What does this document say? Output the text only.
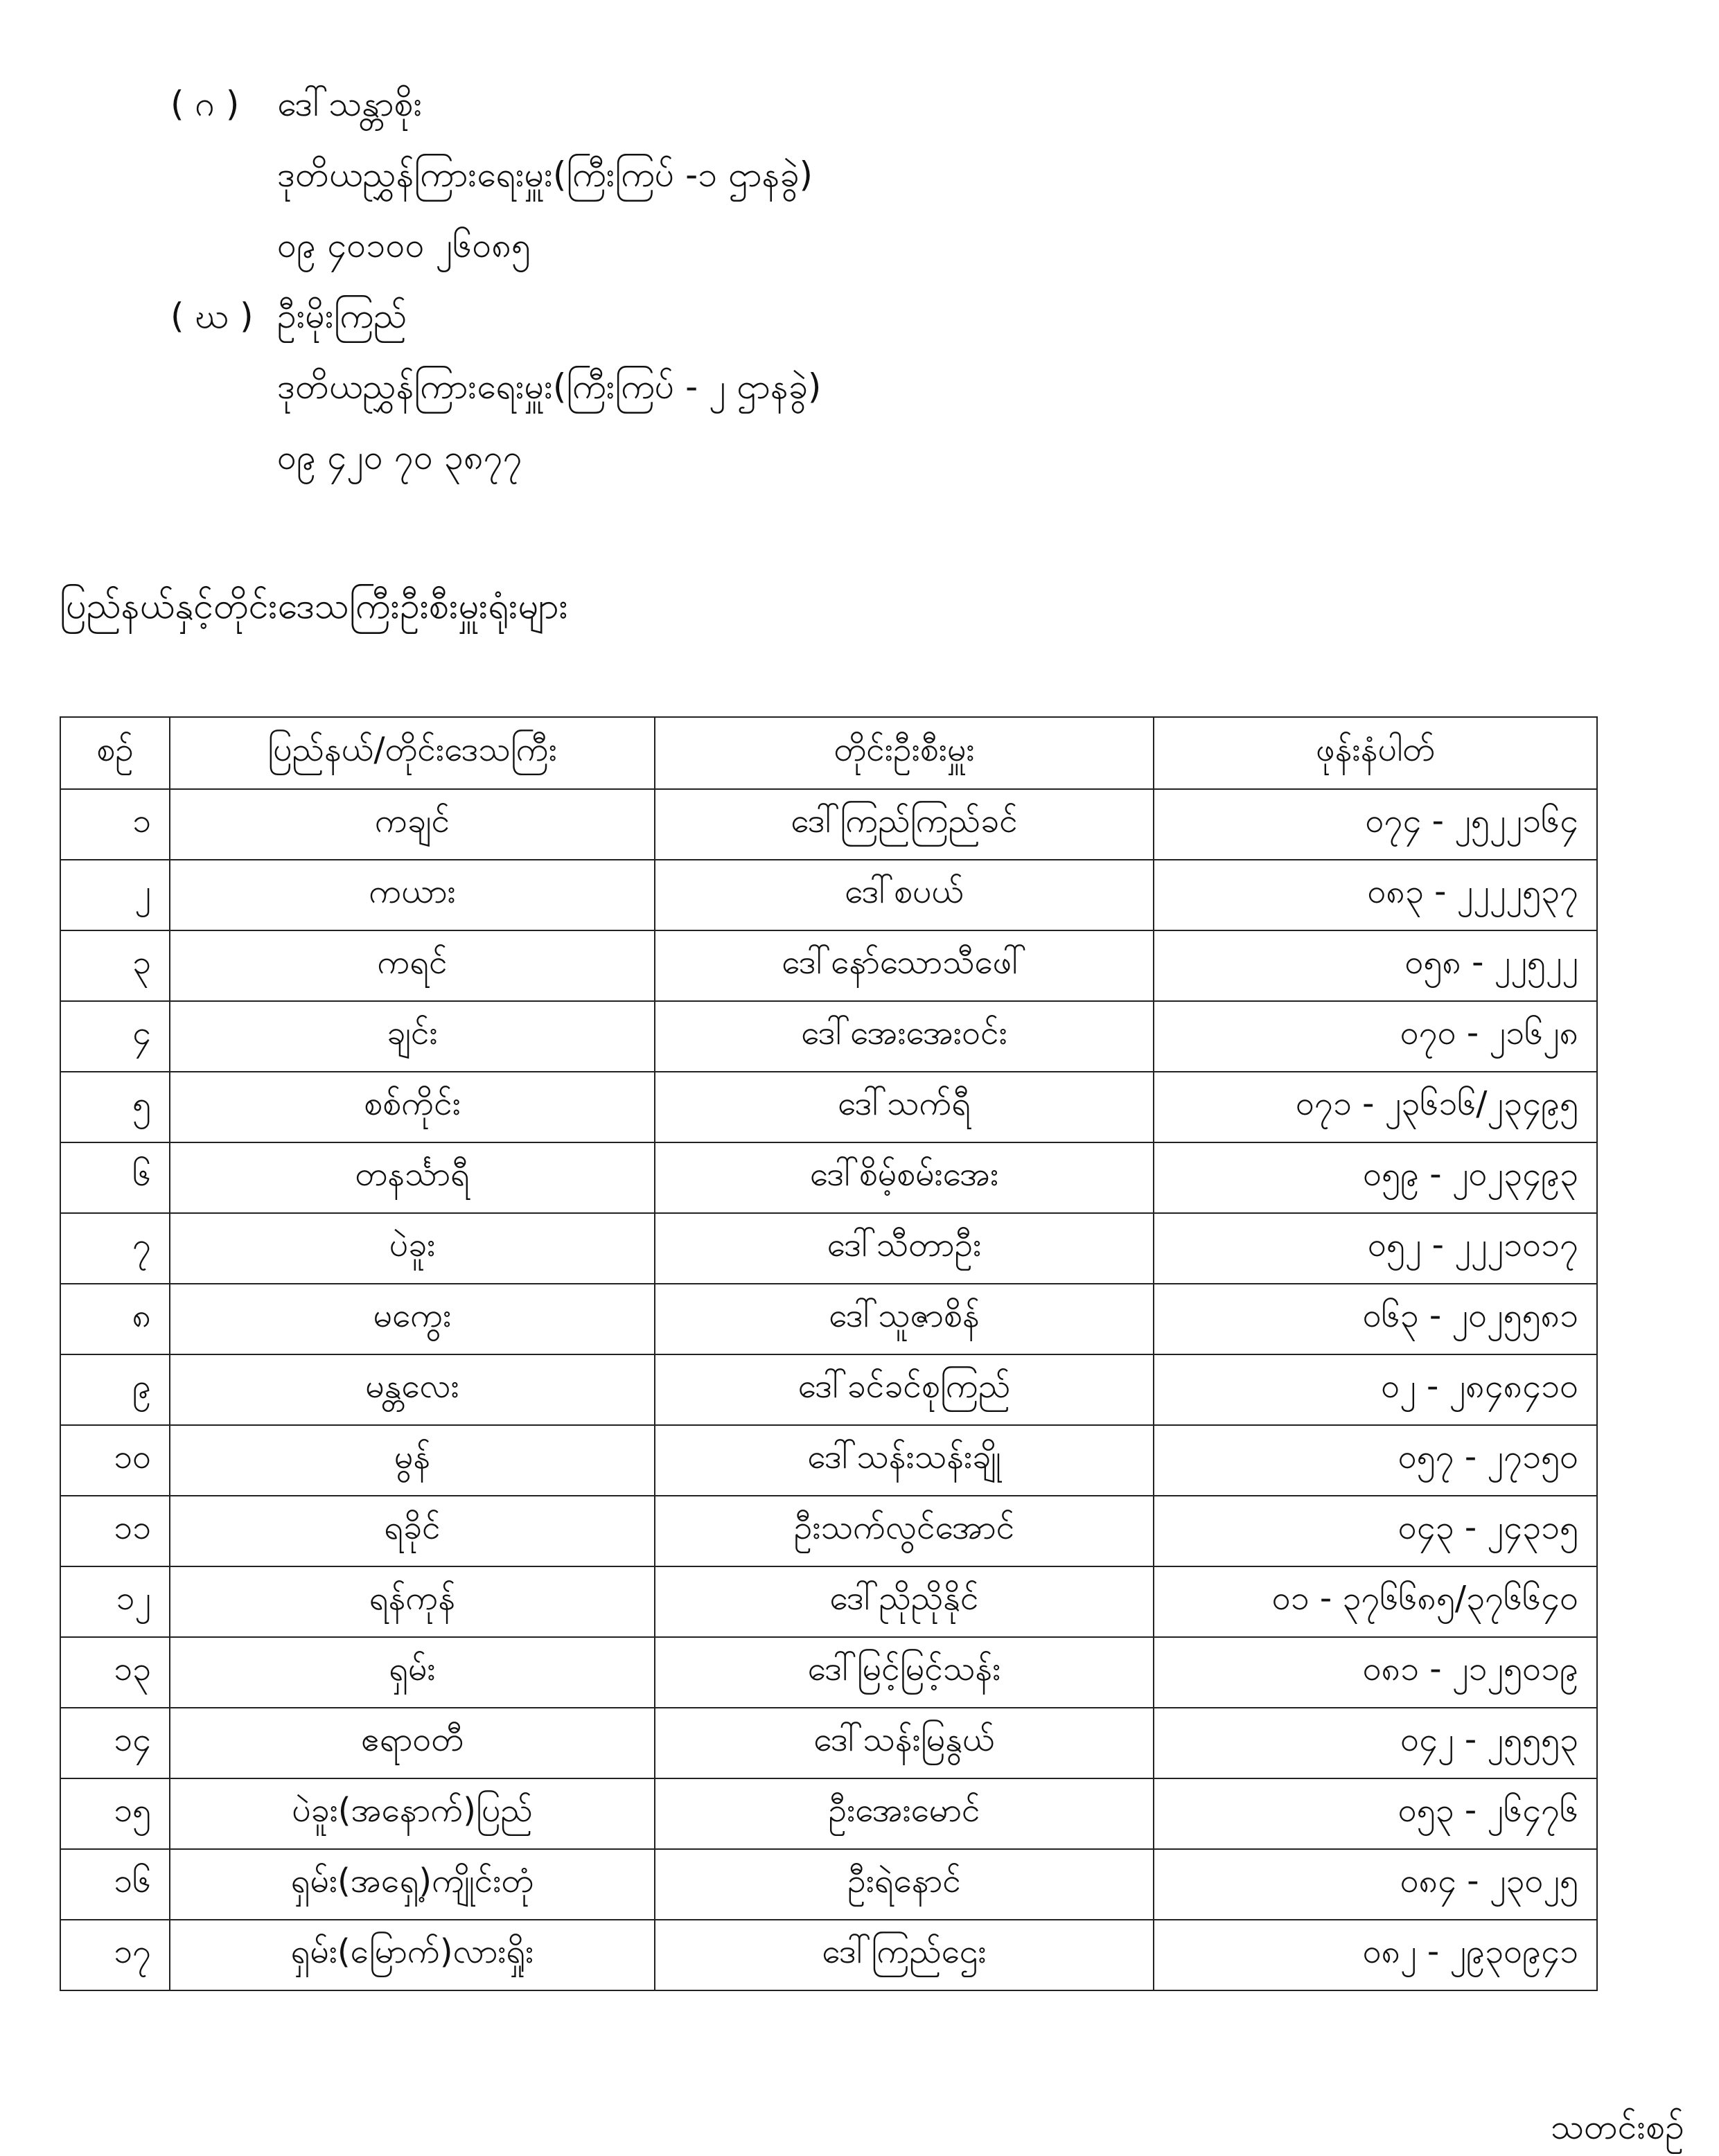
( ဂ ) ဒေါ်သန္တာစိုး
ဒုတိယညွှန်ကြားရေးမှူး(ကြီးကြပ် -၁ ဌာနခွဲ)
၀၉ ၄၀၁၀၀ ၂၆၀၈၅
( ဃ ) ဦးမိုးကြည်
ဒုတိယညွှန်ကြားရေးမှူး(ကြီးကြပ် - ၂ ဌာနခွဲ)
၀၉ ၄၂၀ ၇၀ ၃၈၇၇
ပြည်နယ်နှင့်တိုင်းဒေသကြီးဦးစီးမှူးရုံးများ
စဉ်	ပြည်နယ်/တိုင်းဒေသကြီး	တိုင်းဦးစီးမှူး	ဖုန်းနံပါတ်
၁	ကချင်	ဒေါ်ကြည်ကြည်ခင်	၀၇၄ - ၂၅၂၂၁၆၄
၂	ကယား	ဒေါ်စပယ်	၀၈၃ - ၂၂၂၂၅၃၇
၃	ကရင်	ဒေါ်နော်သောသီဖေါ်	၀၅၈ - ၂၂၅၂၂
၄	ချင်း	ဒေါ်အေးအေးဝင်း	၀၇၀ - ၂၁၆၂၈
၅	စစ်ကိုင်း	ဒေါ်သက်ရီ	၀၇၁ - ၂၃၆၁၆/၂၃၄၉၅
၆	တနင်္သာရီ	ဒေါ်စိမ့်စမ်းအေး	၀၅၉ - ၂၀၂၃၄၉၃
၇	ပဲခူး	ဒေါ်သီတာဦး	၀၅၂ - ၂၂၂၁၀၁၇
၈	မကွေး	ဒေါ်သူဇာစိန်	၀၆၃ - ၂၀၂၅၅၈၁
၉	မန္တလေး	ဒေါ်ခင်ခင်စုကြည်	၀၂ - ၂၈၄၈၄၁၀
၁၀	မွန်	ဒေါ်သန်းသန်းချို	၀၅၇ - ၂၇၁၅၀
၁၁	ရခိုင်	ဦးသက်လွင်အောင်	၀၄၃ - ၂၄၃၁၅
၁၂	ရန်ကုန်	ဒေါ်ညိုညိုနိုင်	၀၁ - ၃၇၆၆၈၅/၃၇၆၆၄၀
၁၃	ရှမ်း	ဒေါ်မြင့်မြင့်သန်း	၀၈၁ - ၂၁၂၅၀၁၉
၁၄	ဧရာဝတီ	ဒေါ်သန်းမြနွယ်	၀၄၂ - ၂၅၅၅၃
၁၅	ပဲခူး(အနောက်)ပြည်	ဦးအေးမောင်	၀၅၃ - ၂၆၄၇၆
၁၆	ရှမ်း(အရှေ့)ကျိုင်းတုံ	ဦးရဲနောင်	၀၈၄ - ၂၃၀၂၅
၁၇	ရှမ်း(မြောက်)လားရှိုး	ဒေါ်ကြည်ဌေး	၀၈၂ - ၂၉၃၀၉၄၁
သတင်းစဉ်
